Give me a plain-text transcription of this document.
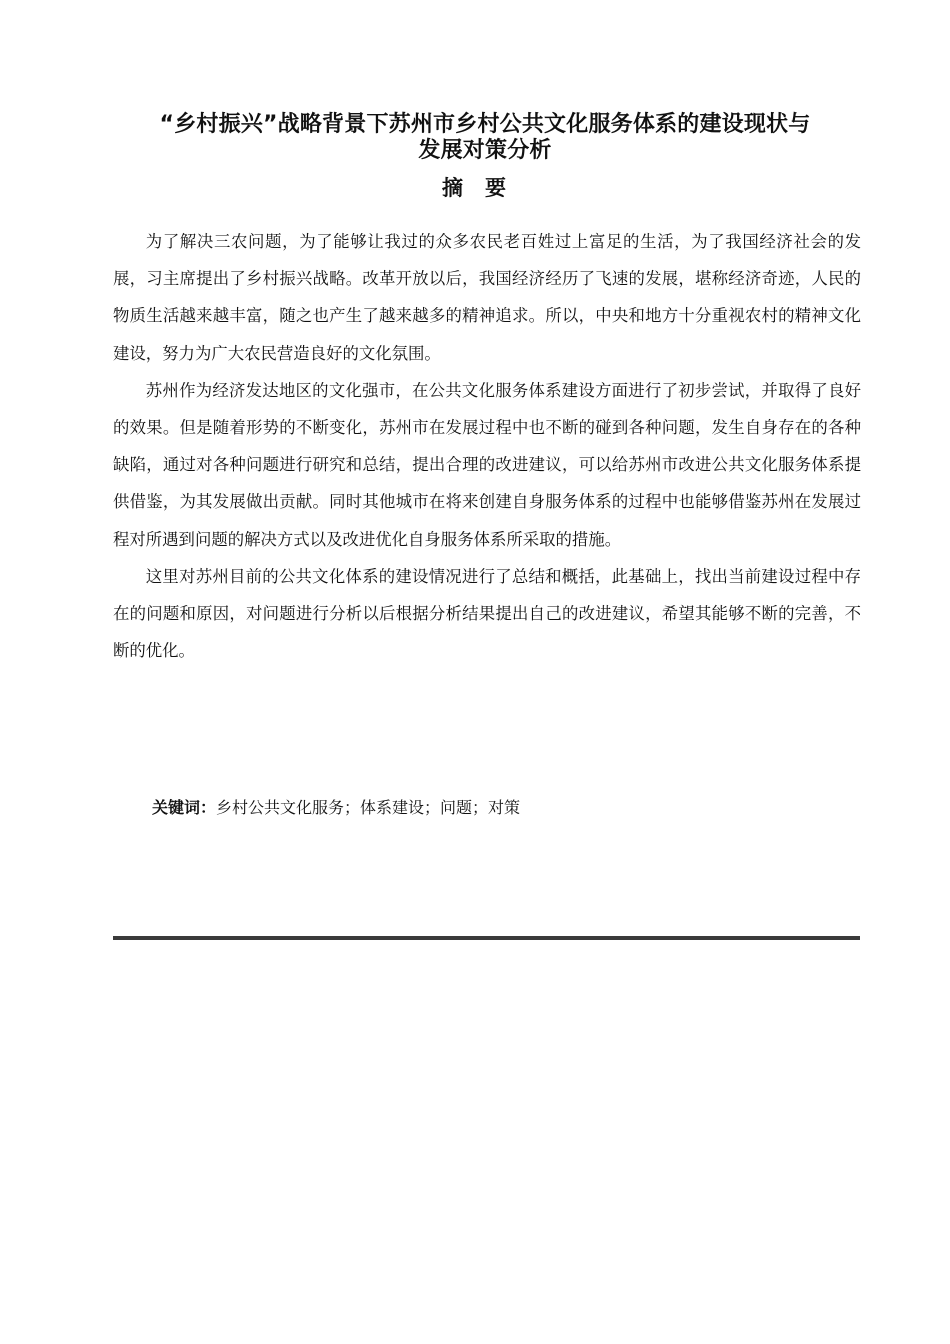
“乡村振兴”战略背景下苏州市乡村公共文化服务体系的建设现状与
发展对策分析
摘要

为了解决三农问题，为了能够让我过的众多农民老百姓过上富足的生活，为了我国经济社会的发展，习主席提出了乡村振兴战略。改革开放以后，我国经济经历了飞速的发展，堪称经济奇迹，人民的物质生活越来越丰富，随之也产生了越来越多的精神追求。所以，中央和地方十分重视农村的精神文化建设，努力为广大农民营造良好的文化氛围。

苏州作为经济发达地区的文化强市，在公共文化服务体系建设方面进行了初步尝试，并取得了良好的效果。但是随着形势的不断变化，苏州市在发展过程中也不断的碰到各种问题，发生自身存在的各种缺陷，通过对各种问题进行研究和总结，提出合理的改进建议，可以给苏州市改进公共文化服务体系提供借鉴，为其发展做出贡献。同时其他城市在将来创建自身服务体系的过程中也能够借鉴苏州在发展过程对所遇到问题的解决方式以及改进优化自身服务体系所采取的措施。

这里对苏州目前的公共文化体系的建设情况进行了总结和概括，此基础上，找出当前建设过程中存在的问题和原因，对问题进行分析以后根据分析结果提出自己的改进建议，希望其能够不断的完善，不断的优化。

关键词：乡村公共文化服务；体系建设；问题；对策
